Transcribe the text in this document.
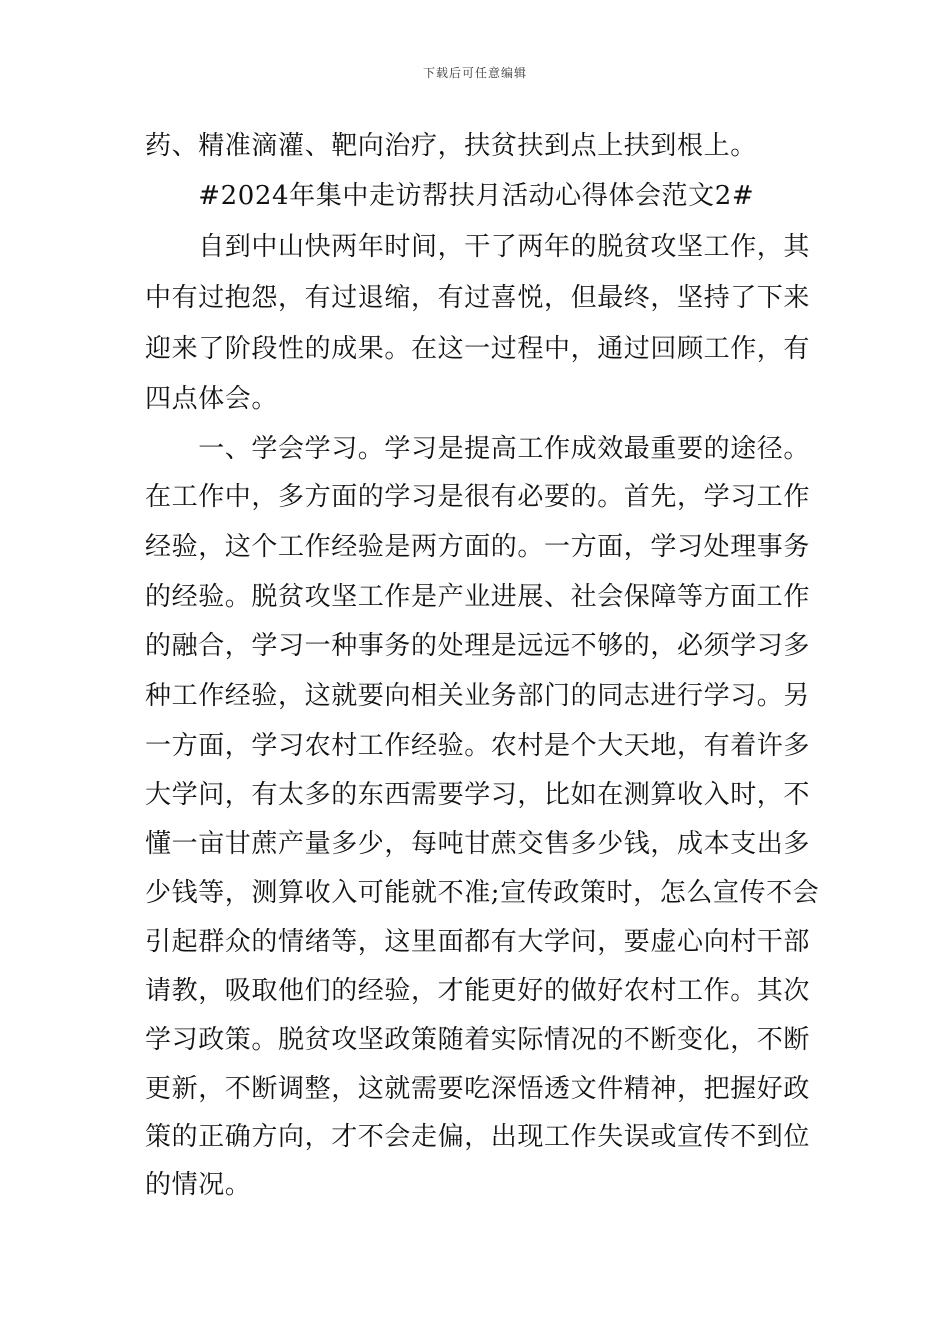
下载后可任意编辑
药、精准滴灌、靶向治疗，扶贫扶到点上扶到根上。
　　#2024年集中走访帮扶月活动心得体会范文2#
　　自到中山快两年时间，干了两年的脱贫攻坚工作，其
中有过抱怨，有过退缩，有过喜悦，但最终，坚持了下来
迎来了阶段性的成果。在这一过程中，通过回顾工作，有
四点体会。
　　一、学会学习。学习是提高工作成效最重要的途径。
在工作中，多方面的学习是很有必要的。首先，学习工作
经验，这个工作经验是两方面的。一方面，学习处理事务
的经验。脱贫攻坚工作是产业进展、社会保障等方面工作
的融合，学习一种事务的处理是远远不够的，必须学习多
种工作经验，这就要向相关业务部门的同志进行学习。另
一方面，学习农村工作经验。农村是个大天地，有着许多
大学问，有太多的东西需要学习，比如在测算收入时，不
懂一亩甘蔗产量多少，每吨甘蔗交售多少钱，成本支出多
少钱等，测算收入可能就不准;宣传政策时，怎么宣传不会
引起群众的情绪等，这里面都有大学问，要虚心向村干部
请教，吸取他们的经验，才能更好的做好农村工作。其次
学习政策。脱贫攻坚政策随着实际情况的不断变化，不断
更新，不断调整，这就需要吃深悟透文件精神，把握好政
策的正确方向，才不会走偏，出现工作失误或宣传不到位
的情况。
